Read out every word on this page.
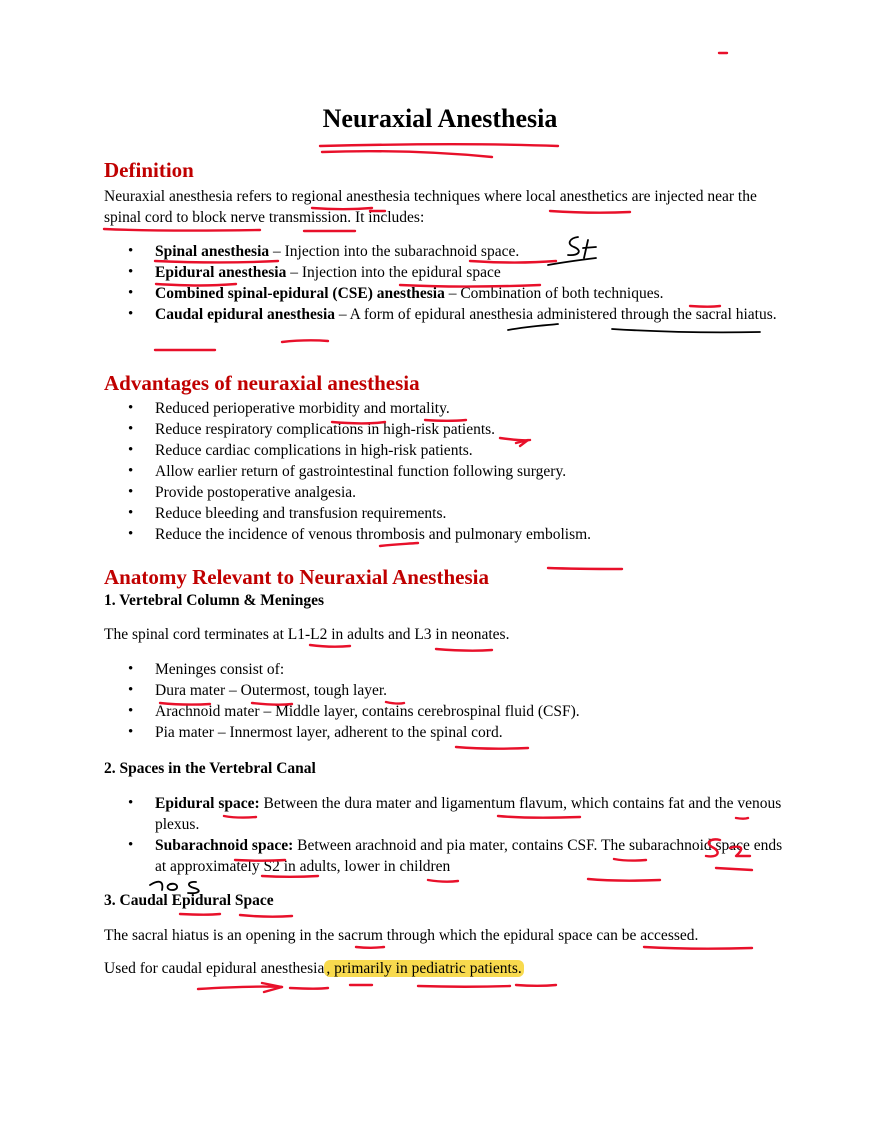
Neuraxial Anesthesia
Definition
Neuraxial anesthesia refers to regional anesthesia techniques where local anesthetics are injected near the spinal cord to block nerve transmission. It includes:
• Spinal anesthesia – Injection into the subarachnoid space.
• Epidural anesthesia – Injection into the epidural space
• Combined spinal-epidural (CSE) anesthesia – Combination of both techniques.
• Caudal epidural anesthesia – A form of epidural anesthesia administered through the sacral hiatus.
Advantages of neuraxial anesthesia
• Reduced perioperative morbidity and mortality.
• Reduce respiratory complications in high-risk patients.
• Reduce cardiac complications in high-risk patients.
• Allow earlier return of gastrointestinal function following surgery.
• Provide postoperative analgesia.
• Reduce bleeding and transfusion requirements.
• Reduce the incidence of venous thrombosis and pulmonary embolism.
Anatomy Relevant to Neuraxial Anesthesia
1. Vertebral Column & Meninges
The spinal cord terminates at L1-L2 in adults and L3 in neonates.
• Meninges consist of:
• Dura mater – Outermost, tough layer.
• Arachnoid mater – Middle layer, contains cerebrospinal fluid (CSF).
• Pia mater – Innermost layer, adherent to the spinal cord.
2. Spaces in the Vertebral Canal
• Epidural space: Between the dura mater and ligamentum flavum, which contains fat and the venous plexus.
• Subarachnoid space: Between arachnoid and pia mater, contains CSF. The subarachnoid space ends at approximately S2 in adults, lower in children
3. Caudal Epidural Space
The sacral hiatus is an opening in the sacrum through which the epidural space can be accessed.
Used for caudal epidural anesthesia , primarily in pediatric patients.
